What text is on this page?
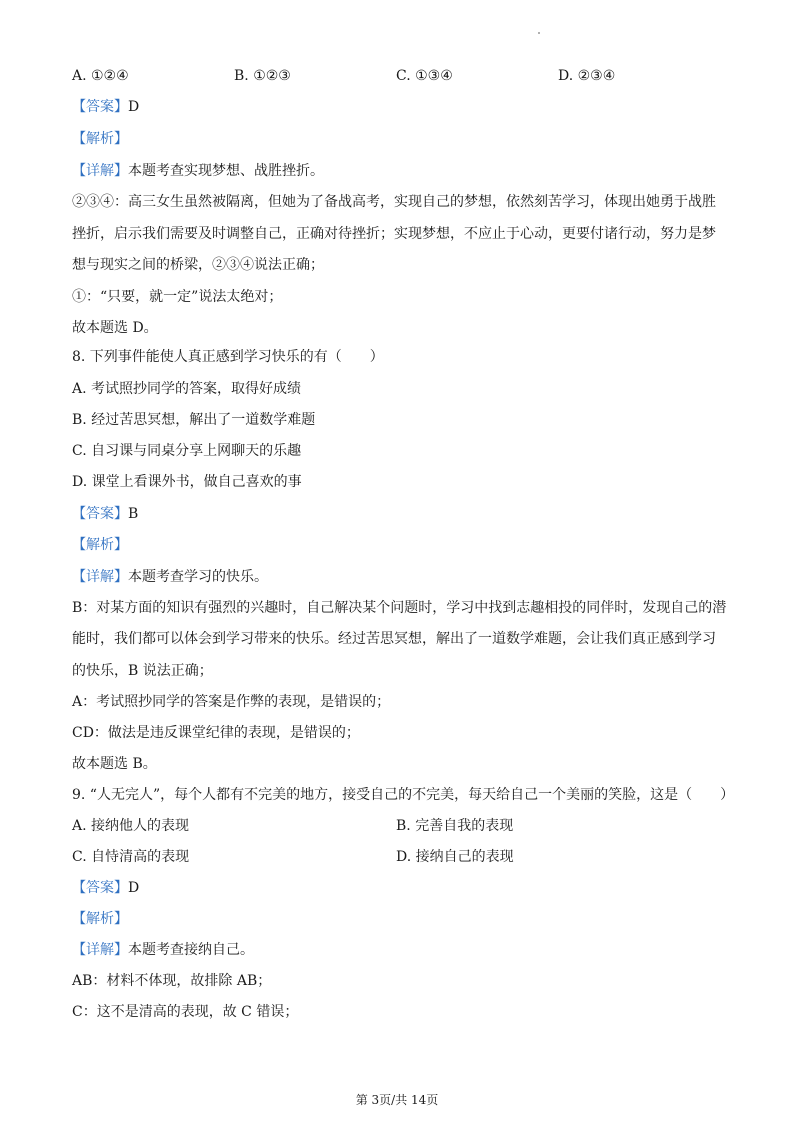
A. ①②④	B. ①②③	C. ①③④	D. ②③④
【答案】D
【解析】
【详解】本题考查实现梦想、战胜挫折。
②③④：高三女生虽然被隔离，但她为了备战高考，实现自己的梦想，依然刻苦学习，体现出她勇于战胜
挫折，启示我们需要及时调整自己，正确对待挫折；实现梦想，不应止于心动，更要付诸行动，努力是梦
想与现实之间的桥梁，②③④说法正确；
①：“只要，就一定”说法太绝对；
故本题选 D。
8. 下列事件能使人真正感到学习快乐的有（　　）
A. 考试照抄同学的答案，取得好成绩
B. 经过苦思冥想，解出了一道数学难题
C. 自习课与同桌分享上网聊天的乐趣
D. 课堂上看课外书，做自己喜欢的事
【答案】B
【解析】
【详解】本题考查学习的快乐。
B：对某方面的知识有强烈的兴趣时，自己解决某个问题时，学习中找到志趣相投的同伴时，发现自己的潜
能时，我们都可以体会到学习带来的快乐。经过苦思冥想，解出了一道数学难题，会让我们真正感到学习
的快乐，B 说法正确；
A：考试照抄同学的答案是作弊的表现，是错误的；
CD：做法是违反课堂纪律的表现，是错误的；
故本题选 B。
9. “人无完人”，每个人都有不完美的地方，接受自己的不完美，每天给自己一个美丽的笑脸，这是（　　）
A. 接纳他人的表现	B. 完善自我的表现
C. 自恃清高的表现	D. 接纳自己的表现
【答案】D
【解析】
【详解】本题考查接纳自己。
AB：材料不体现，故排除 AB；
C：这不是清高的表现，故 C 错误；
第 3页/共 14页
